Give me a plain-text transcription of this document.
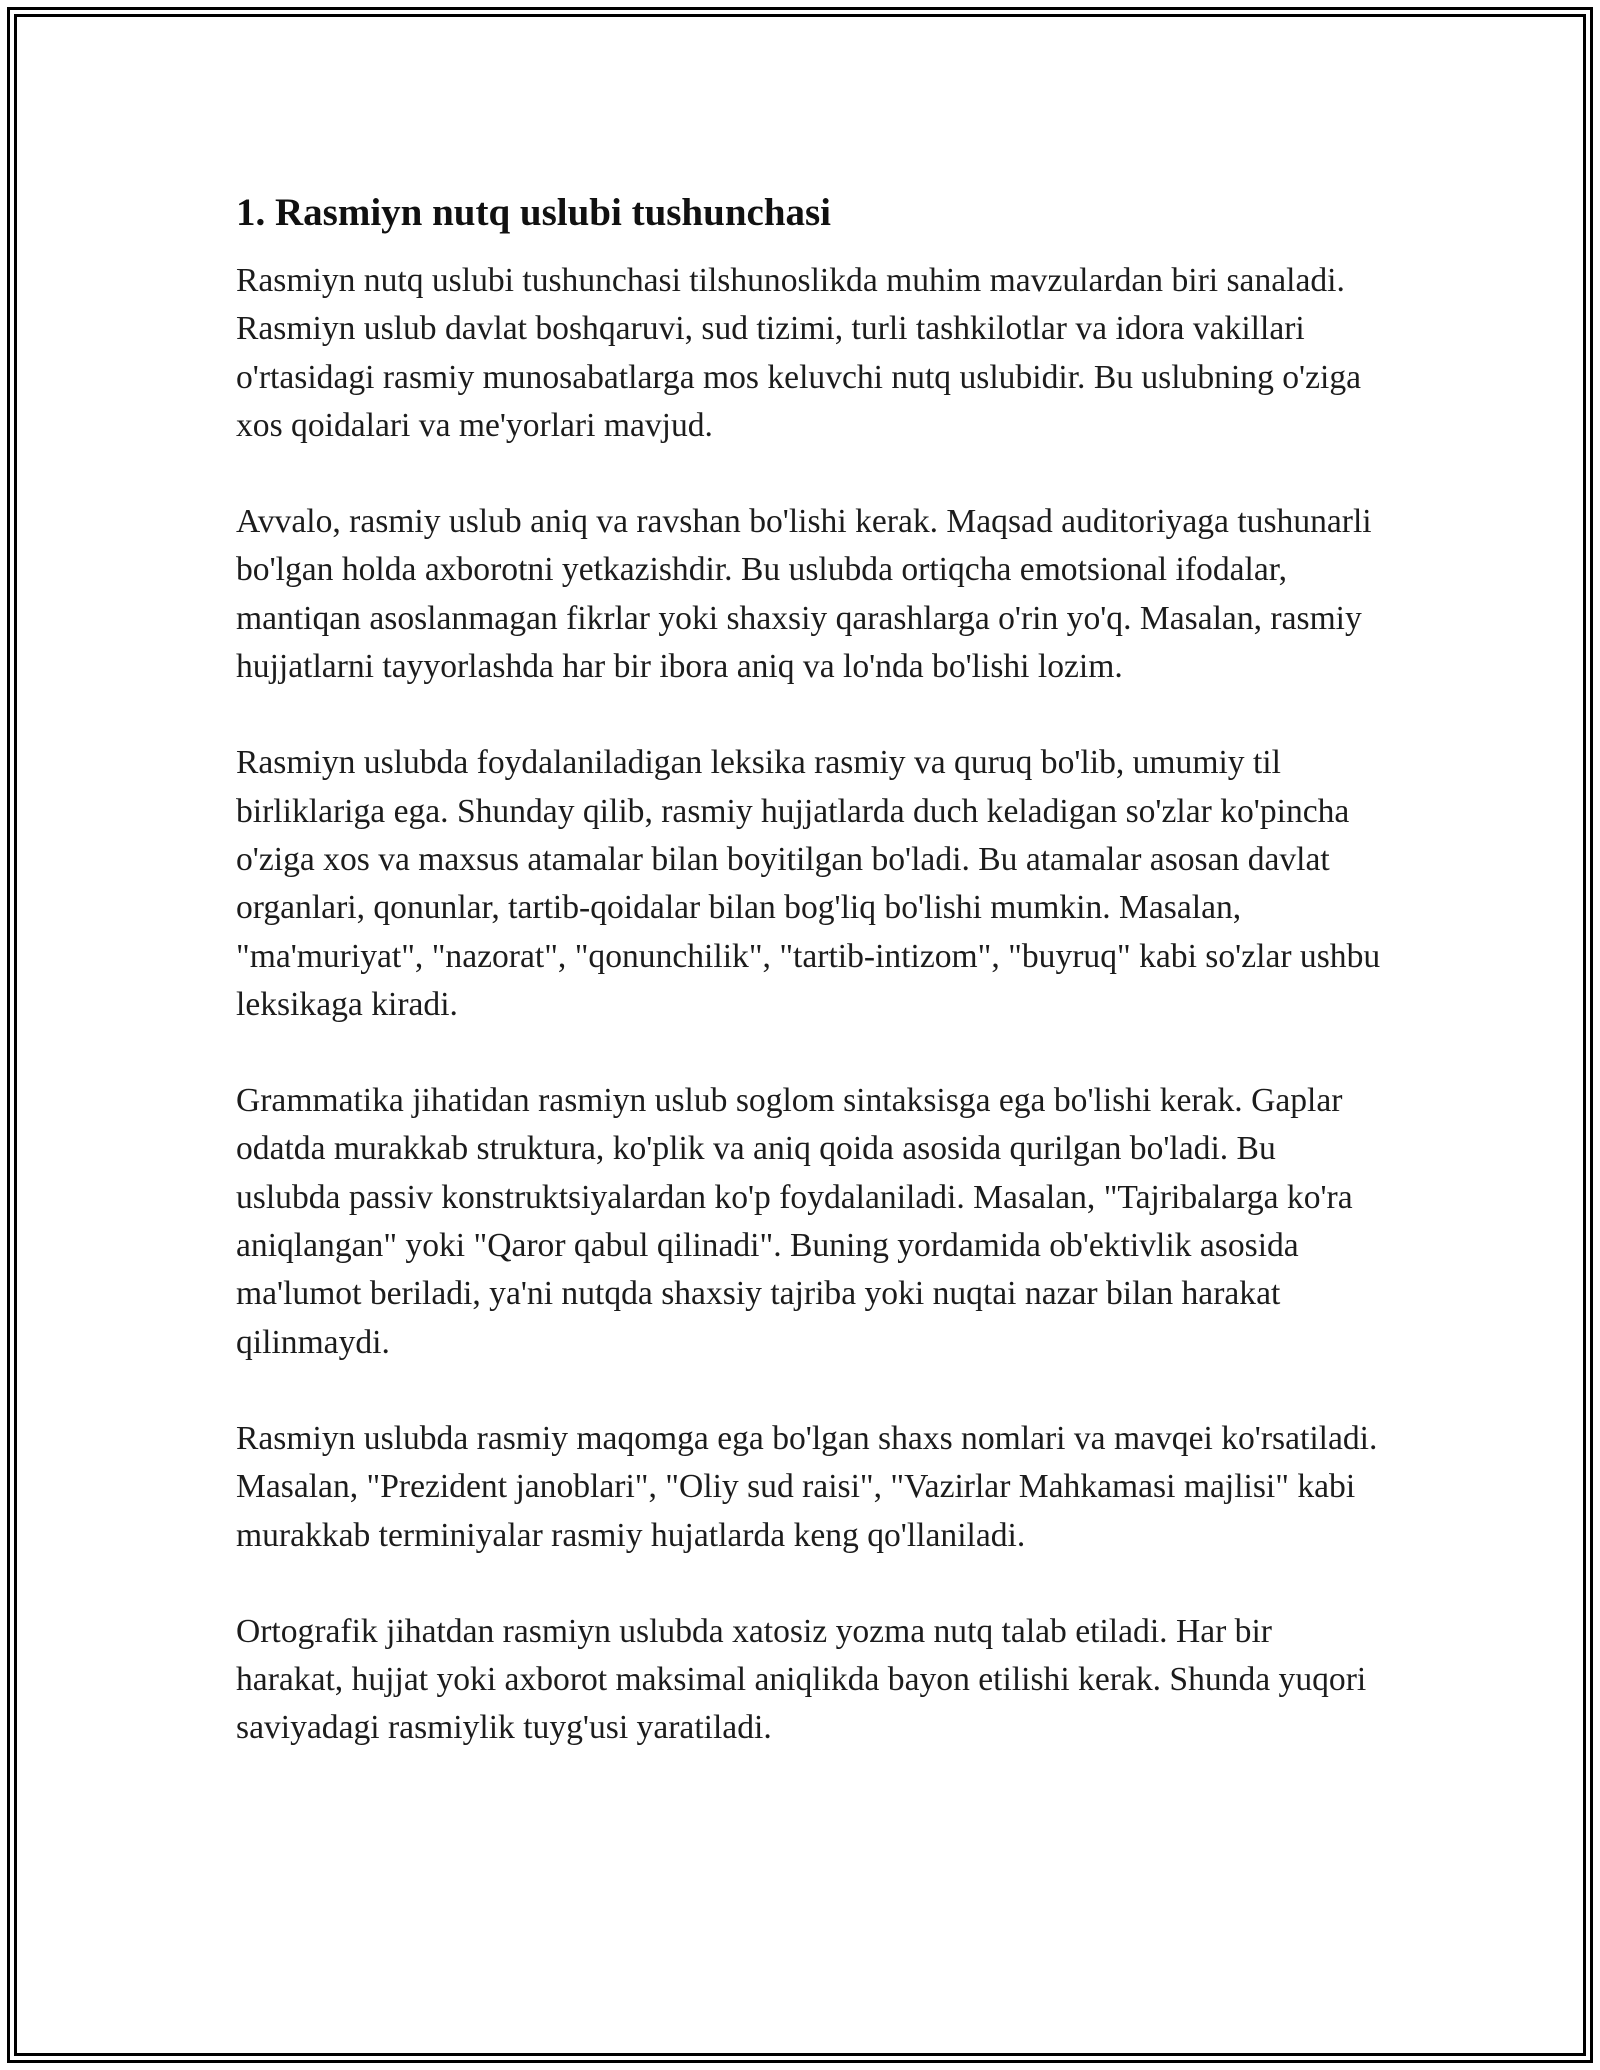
1. Rasmiyn nutq uslubi tushunchasi

Rasmiyn nutq uslubi tushunchasi tilshunoslikda muhim mavzulardan biri sanaladi. Rasmiyn uslub davlat boshqaruvi, sud tizimi, turli tashkilotlar va idora vakillari o'rtasidagi rasmiy munosabatlarga mos keluvchi nutq uslubidir. Bu uslubning o'ziga xos qoidalari va me'yorlari mavjud.

Avvalo, rasmiy uslub aniq va ravshan bo'lishi kerak. Maqsad auditoriyaga tushunarli bo'lgan holda axborotni yetkazishdir. Bu uslubda ortiqcha emotsional ifodalar, mantiqan asoslanmagan fikrlar yoki shaxsiy qarashlarga o'rin yo'q. Masalan, rasmiy hujjatlarni tayyorlashda har bir ibora aniq va lo'nda bo'lishi lozim.

Rasmiyn uslubda foydalaniladigan leksika rasmiy va quruq bo'lib, umumiy til birliklariga ega. Shunday qilib, rasmiy hujjatlarda duch keladigan so'zlar ko'pincha o'ziga xos va maxsus atamalar bilan boyitilgan bo'ladi. Bu atamalar asosan davlat organlari, qonunlar, tartib-qoidalar bilan bog'liq bo'lishi mumkin. Masalan, "ma'muriyat", "nazorat", "qonunchilik", "tartib-intizom", "buyruq" kabi so'zlar ushbu leksikaga kiradi.

Grammatika jihatidan rasmiyn uslub soglom sintaksisga ega bo'lishi kerak. Gaplar odatda murakkab struktura, ko'plik va aniq qoida asosida qurilgan bo'ladi. Bu uslubda passiv konstruktsiyalardan ko'p foydalaniladi. Masalan, "Tajribalarga ko'ra aniqlangan" yoki "Qaror qabul qilinadi". Buning yordamida ob'ektivlik asosida ma'lumot beriladi, ya'ni nutqda shaxsiy tajriba yoki nuqtai nazar bilan harakat qilinmaydi.

Rasmiyn uslubda rasmiy maqomga ega bo'lgan shaxs nomlari va mavqei ko'rsatiladi. Masalan, "Prezident janoblari", "Oliy sud raisi", "Vazirlar Mahkamasi majlisi" kabi murakkab terminiyalar rasmiy hujatlarda keng qo'llaniladi.

Ortografik jihatdan rasmiyn uslubda xatosiz yozma nutq talab etiladi. Har bir harakat, hujjat yoki axborot maksimal aniqlikda bayon etilishi kerak. Shunda yuqori saviyadagi rasmiylik tuyg'usi yaratiladi.
